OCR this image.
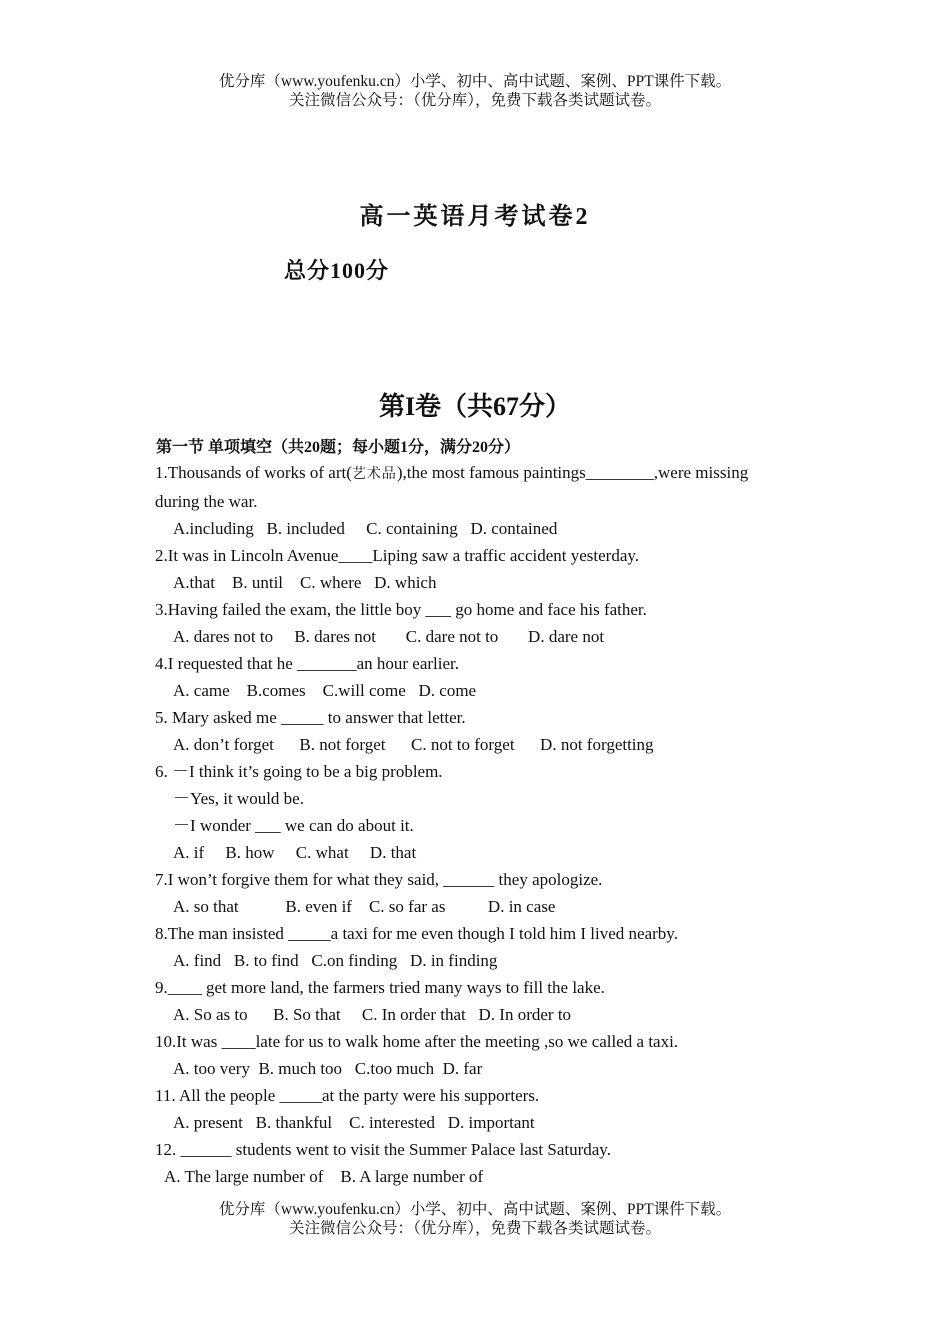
优分库（www.youfenku.cn）小学、初中、高中试题、案例、PPT课件下载。
关注微信公众号：（优分库），免费下载各类试题试卷。
高一英语月考试卷2
总分100分
第I卷（共67分）
第一节 单项填空（共20题；每小题1分，满分20分）
1.Thousands of works of art(艺术品),the most famous paintings________,were missing
during the war.
A.including   B. included     C. containing   D. contained
2.It was in Lincoln Avenue____Liping saw a traffic accident yesterday.
A.that    B. until    C. where   D. which
3.Having failed the exam, the little boy ___ go home and face his father.
A. dares not to     B. dares not       C. dare not to       D. dare not
4.I requested that he _______an hour earlier.
A. came    B.comes    C.will come   D. come
5. Mary asked me _____ to answer that letter.
A. don’t forget      B. not forget      C. not to forget      D. not forgetting
6. －I think it’s going to be a big problem.
－Yes, it would be.
－I wonder ___ we can do about it.
A. if     B. how     C. what     D. that
7.I won’t forgive them for what they said, ______ they apologize.
A. so that           B. even if    C. so far as          D. in case
8.The man insisted _____a taxi for me even though I told him I lived nearby.
A. find   B. to find   C.on finding   D. in finding
9.____ get more land, the farmers tried many ways to fill the lake.
A. So as to      B. So that     C. In order that   D. In order to
10.It was ____late for us to walk home after the meeting ,so we called a taxi.
A. too very  B. much too   C.too much  D. far
11. All the people _____at the party were his supporters.
A. present   B. thankful    C. interested   D. important
12. ______ students went to visit the Summer Palace last Saturday.
A. The large number of    B. A large number of
优分库（www.youfenku.cn）小学、初中、高中试题、案例、PPT课件下载。
关注微信公众号：（优分库），免费下载各类试题试卷。
